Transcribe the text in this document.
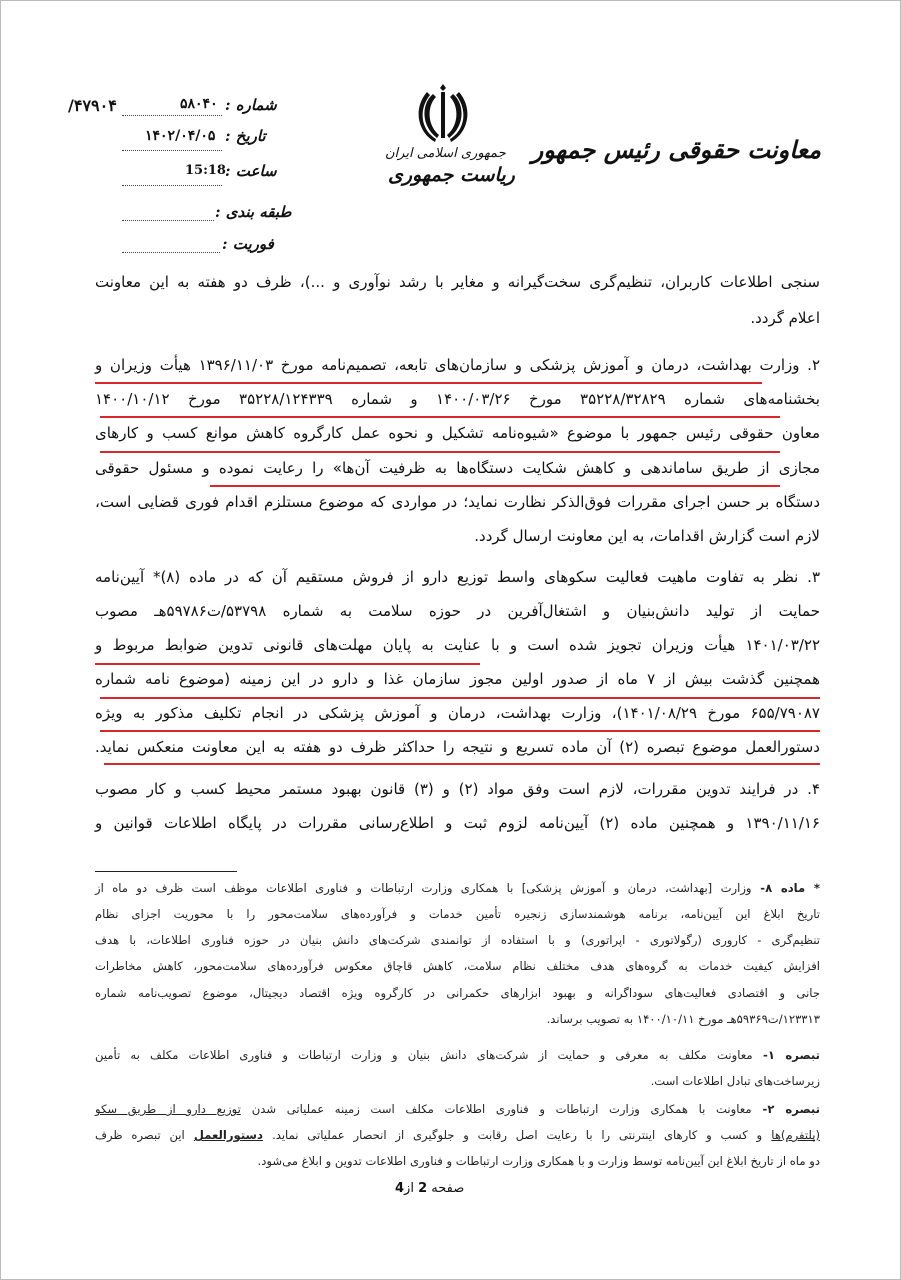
معاونت حقوقی رئیس جمهور
جمهوری اسلامی ایران
ریاست جمهوری
شماره :
۵۸۰۴۰
۴۷۹۰۴/
تاریخ :
۱۴۰۲/۰۴/۰۵
ساعت :
15:18
طبقه بندی :
فوریت :
سنجی اطلاعات کاربران، تنظیم‌گری سخت‌گیرانه و مغایر با رشد نوآوری و ...)، ظرف دو هفته به این معاونت
اعلام گردد.
۲. وزارت بهداشت، درمان و آموزش پزشکی و سازمان‌های تابعه، تصمیم‌نامه مورخ ۱۳۹۶/۱۱/۰۳ هیأت وزیران و
بخشنامه‌های شماره ۳۵۲۲۸/۳۲۸۲۹ مورخ ۱۴۰۰/۰۳/۲۶ و شماره ۳۵۲۲۸/۱۲۴۳۳۹ مورخ ۱۴۰۰/۱۰/۱۲
معاون حقوقی رئیس جمهور با موضوع «شیوه‌نامه تشکیل و نحوه عمل کارگروه کاهش موانع کسب و کارهای
مجازی از طریق ساماندهی و کاهش شکایت دستگاه‌ها به ظرفیت آن‌ها» را رعایت نموده و مسئول حقوقی
دستگاه بر حسن اجرای مقررات فوق‌الذکر نظارت نماید؛ در مواردی که موضوع مستلزم اقدام فوری قضایی است،
لازم است گزارش اقدامات، به این معاونت ارسال گردد.
۳. نظر به تفاوت ماهیت فعالیت سکوهای واسط توزیع دارو از فروش مستقیم آن که در ماده (۸)* آیین‌نامه
حمایت از تولید دانش‌بنیان و اشتغال‌آفرین در حوزه سلامت به شماره ۵۳۷۹۸/ت۵۹۷۸۶هـ مصوب
۱۴۰۱/۰۳/۲۲ هیأت وزیران تجویز شده است و با عنایت به پایان مهلت‌های قانونی تدوین ضوابط مربوط و
همچنین گذشت بیش از ۷ ماه از صدور اولین مجوز سازمان غذا و دارو در این زمینه (موضوع نامه شماره
۶۵۵/۷۹۰۸۷ مورخ ۱۴۰۱/۰۸/۲۹)، وزارت بهداشت، درمان و آموزش پزشکی در انجام تکلیف مذکور به ویژه
دستورالعمل موضوع تبصره (۲) آن ماده تسریع و نتیجه را حداکثر ظرف دو هفته به این معاونت منعکس نماید.
۴. در فرایند تدوین مقررات، لازم است وفق مواد (۲) و (۳) قانون بهبود مستمر محیط کسب و کار مصوب
۱۳۹۰/۱۱/۱۶ و همچنین ماده (۲) آیین‌نامه لزوم ثبت و اطلاع‌رسانی مقررات در پایگاه اطلاعات قوانین و
* ماده ۸- وزارت [بهداشت، درمان و آموزش پزشکی] با همکاری وزارت ارتباطات و فناوری اطلاعات موظف است ظرف دو ماه از
تاریخ ابلاغ این آیین‌نامه، برنامه هوشمندسازی زنجیره تأمین خدمات و فرآورده‌های سلامت‌محور را با محوریت اجزای نظام
تنظیم‌گری - کاروری (رگولاتوری - اپراتوری) و با استفاده از توانمندی شرکت‌های دانش بنیان در حوزه فناوری اطلاعات، با هدف
افزایش کیفیت خدمات به گروه‌های هدف مختلف نظام سلامت، کاهش قاچاق معکوس فرآورده‌های سلامت‌محور، کاهش مخاطرات
جانی و اقتصادی فعالیت‌های سوداگرانه و بهبود ابزارهای حکمرانی در کارگروه ویژه اقتصاد دیجیتال، موضوع تصویب‌نامه شماره
۱۲۳۳۱۳/ت۵۹۳۶۹هـ مورخ ۱۴۰۰/۱۰/۱۱ به تصویب برساند.
تبصره ۱- معاونت مکلف به معرفی و حمایت از شرکت‌های دانش بنیان و وزارت ارتباطات و فناوری اطلاعات مکلف به تأمین
زیرساخت‌های تبادل اطلاعات است.
تبصره ۲- معاونت با همکاری وزارت ارتباطات و فناوری اطلاعات مکلف است زمینه عملیاتی شدن توزیع دارو از طریق سکو
(پلتفرم)ها و کسب و کارهای اینترنتی را با رعایت اصل رقابت و جلوگیری از انحصار عملیاتی نماید. دستورالعمل این تبصره ظرف
دو ماه از تاریخ ابلاغ این آیین‌نامه توسط وزارت و با همکاری وزارت ارتباطات و فناوری اطلاعات تدوین و ابلاغ می‌شود.
صفحه 2 از4
